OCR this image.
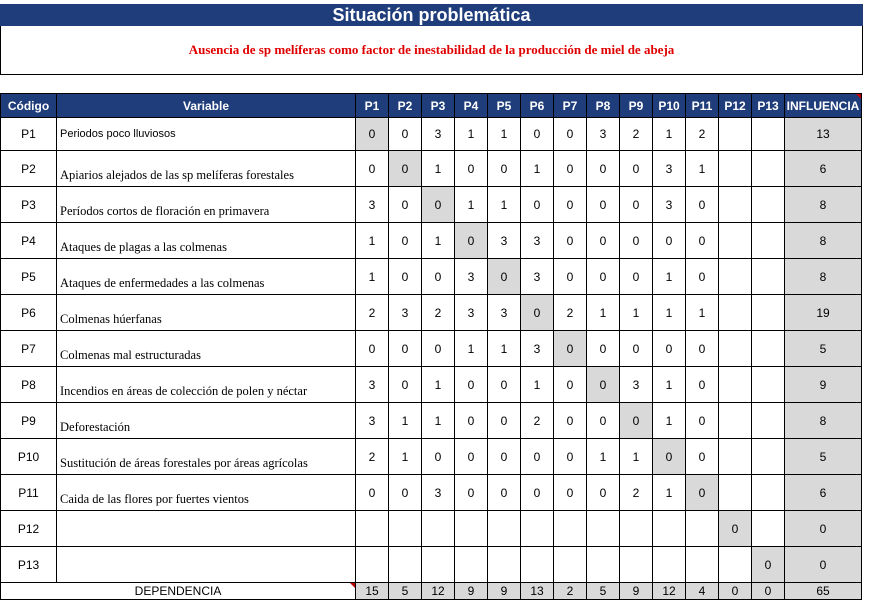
Situación problemática
Ausencia de sp melíferas como factor de inestabilidad de la producción de miel de abeja
Código	Variable	P1	P2	P3	P4	P5	P6	P7	P8	P9	P10	P11	P12	P13	INFLUENCIA
P1	Periodos poco lluviosos	0	0	3	1	1	0	0	3	2	1	2			13
P2	Apiarios alejados de las sp melíferas forestales	0	0	1	0	0	1	0	0	0	3	1			6
P3	Períodos cortos de floración en primavera	3	0	0	1	1	0	0	0	0	3	0			8
P4	Ataques de plagas a las colmenas	1	0	1	0	3	3	0	0	0	0	0			8
P5	Ataques de enfermedades a las colmenas	1	0	0	3	0	3	0	0	0	1	0			8
P6	Colmenas húerfanas	2	3	2	3	3	0	2	1	1	1	1			19
P7	Colmenas mal estructuradas	0	0	0	1	1	3	0	0	0	0	0			5
P8	Incendios en áreas de colección de polen y néctar	3	0	1	0	0	1	0	0	3	1	0			9
P9	Deforestación	3	1	1	0	0	2	0	0	0	1	0			8
P10	Sustitución de áreas forestales por áreas agrícolas	2	1	0	0	0	0	0	1	1	0	0			5
P11	Caida de las flores por fuertes vientos	0	0	3	0	0	0	0	0	2	1	0			6
P12													0		0
P13														0	0
DEPENDENCIA		15	5	12	9	9	13	2	5	9	12	4	0	0	65
